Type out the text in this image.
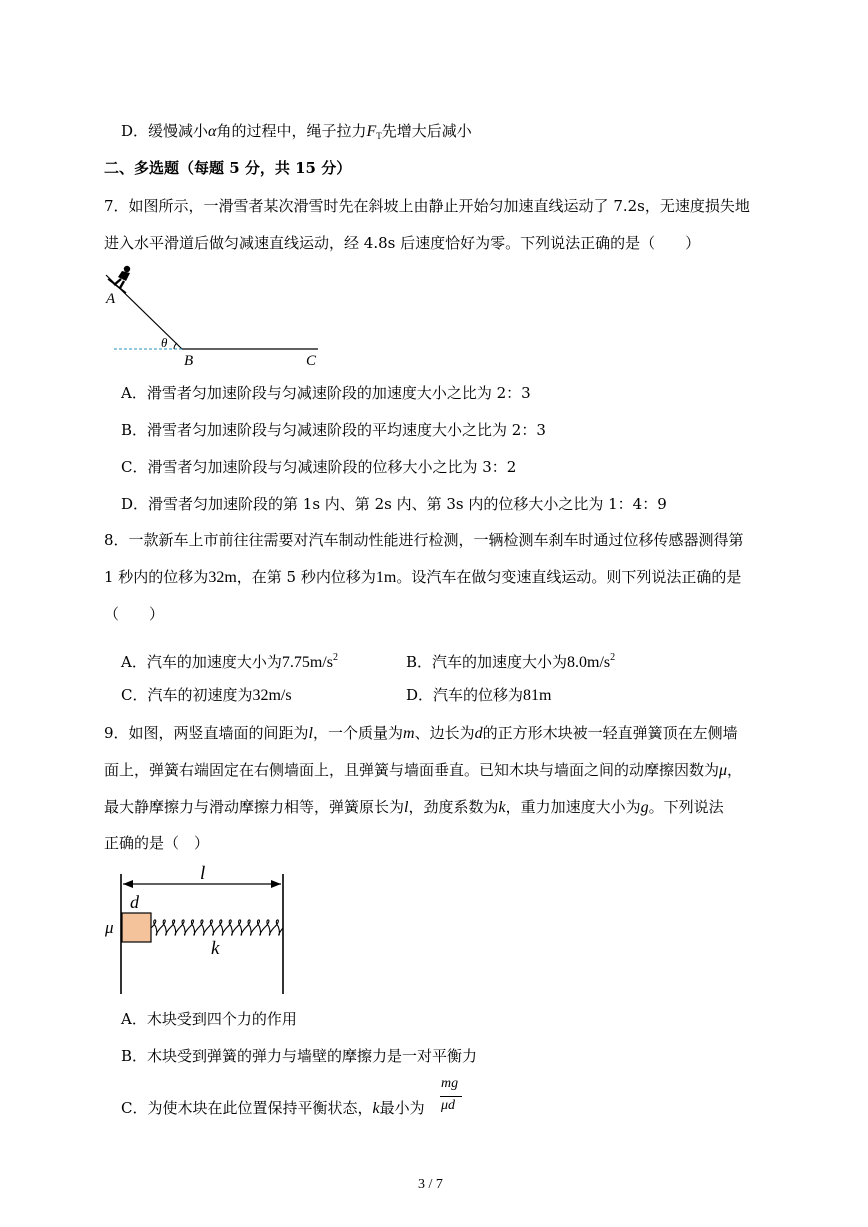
D．缓慢减小α角的过程中，绳子拉力$F_T$先增大后减小
二、多选题（每题 5 分，共 15 分）
7．如图所示，一滑雪者某次滑雪时先在斜坡上由静止开始匀加速直线运动了 7.2s，无速度损失地
进入水平滑道后做匀减速直线运动，经 4.8s 后速度恰好为零。下列说法正确的是（　　）
A
B	C
θ
A．滑雪者匀加速阶段与匀减速阶段的加速度大小之比为 2：3
B．滑雪者匀加速阶段与匀减速阶段的平均速度大小之比为 2：3
C．滑雪者匀加速阶段与匀减速阶段的位移大小之比为 3：2
D．滑雪者匀加速阶段的第 1s 内、第 2s 内、第 3s 内的位移大小之比为 1：4：9
8．一款新车上市前往往需要对汽车制动性能进行检测，一辆检测车刹车时通过位移传感器测得第
1 秒内的位移为32m，在第 5 秒内位移为1m。设汽车在做匀变速直线运动。则下列说法正确的是
（　　）
A．汽车的加速度大小为$7.75m/s^2$	B．汽车的加速度大小为$8.0m/s^2$
C．汽车的初速度为32m/s	D．汽车的位移为81m
9．如图，两竖直墙面的间距为l，一个质量为m、边长为d的正方形木块被一轻直弹簧顶在左侧墙
面上，弹簧右端固定在右侧墙面上，且弹簧与墙面垂直。已知木块与墙面之间的动摩擦因数为μ，
最大静摩擦力与滑动摩擦力相等，弹簧原长为l，劲度系数为k，重力加速度大小为g。下列说法
正确的是（　）
l
d
μ
k
A．木块受到四个力的作用
B．木块受到弹簧的弹力与墙壁的摩擦力是一对平衡力
C．为使木块在此位置保持平衡状态，k最小为
mg
μd
3 / 7
